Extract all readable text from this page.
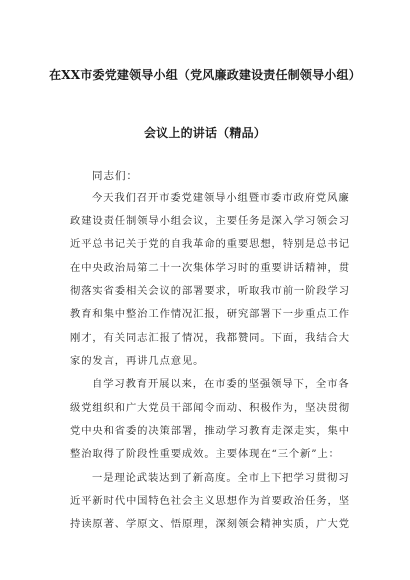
在XX市委党建领导小组（党风廉政建设责任制领导小组）
会议上的讲话（精品）
同志们：
今天我们召开市委党建领导小组暨市委市政府党风廉
政建设责任制领导小组会议，主要任务是深入学习领会习
近平总书记关于党的自我革命的重要思想，特别是总书记
在中央政治局第二十一次集体学习时的重要讲话精神，贯
彻落实省委相关会议的部署要求，听取我市前一阶段学习
教育和集中整治工作情况汇报，研究部署下一步重点工作
刚才，有关同志汇报了情况，我都赞同。下面，我结合大
家的发言，再讲几点意见。
自学习教育开展以来，在市委的坚强领导下，全市各
级党组织和广大党员干部闻令而动、积极作为，坚决贯彻
党中央和省委的决策部署，推动学习教育走深走实，集中
整治取得了阶段性重要成效。主要体现在“三个新”上：
一是理论武装达到了新高度。全市上下把学习贯彻习
近平新时代中国特色社会主义思想作为首要政治任务，坚
持读原著、学原文、悟原理，深刻领会精神实质，广大党
